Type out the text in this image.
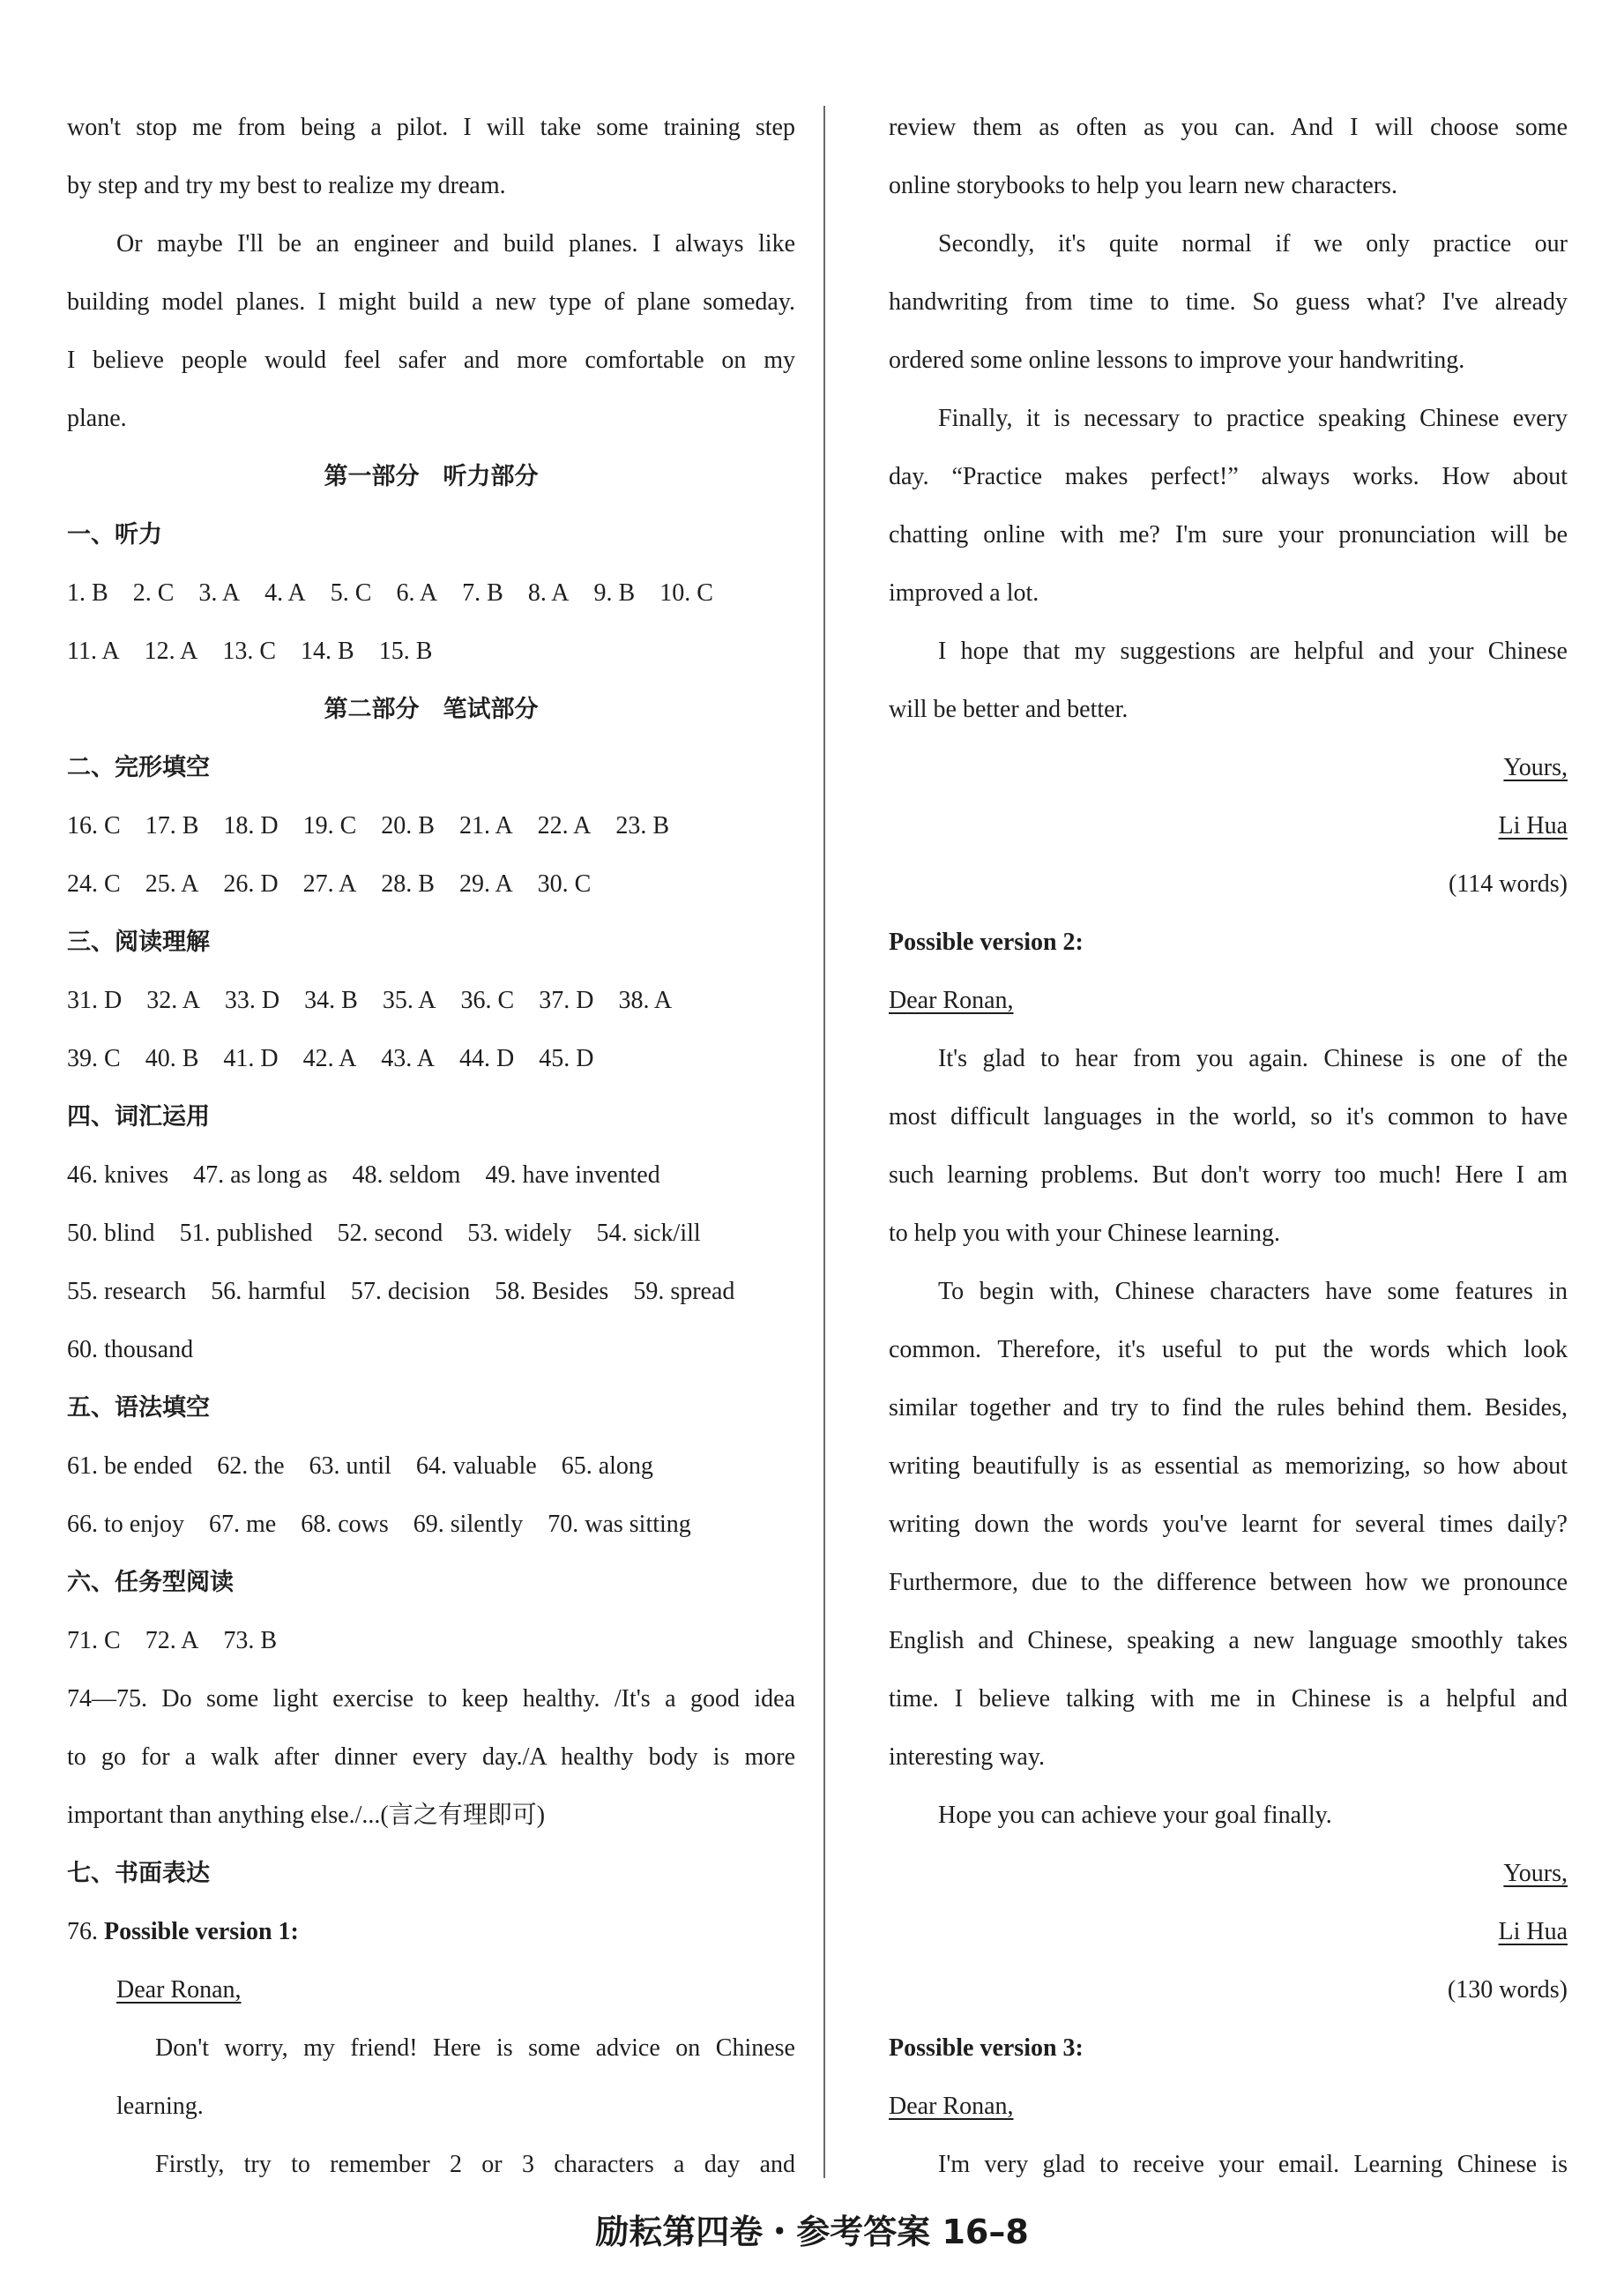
won't stop me from being a pilot. I will take some training step
by step and try my best to realize my dream.
Or maybe I'll be an engineer and build planes. I always like
building model planes. I might build a new type of plane someday.
I believe people would feel safer and more comfortable on my
plane.
第一部分　听力部分
一、听力
1. B 2. C 3. A 4. A 5. C 6. A 7. B 8. A 9. B 10. C
11. A 12. A 13. C 14. B 15. B
第二部分　笔试部分
二、完形填空
16. C 17. B 18. D 19. C 20. B 21. A 22. A 23. B
24. C 25. A 26. D 27. A 28. B 29. A 30. C
三、阅读理解
31. D 32. A 33. D 34. B 35. A 36. C 37. D 38. A
39. C 40. B 41. D 42. A 43. A 44. D 45. D
四、词汇运用
46. knives 47. as long as 48. seldom 49. have invented
50. blind 51. published 52. second 53. widely 54. sick/ill
55. research 56. harmful 57. decision 58. Besides 59. spread
60. thousand
五、语法填空
61. be ended 62. the 63. until 64. valuable 65. along
66. to enjoy 67. me 68. cows 69. silently 70. was sitting
六、任务型阅读
71. C 72. A 73. B
74—75. Do some light exercise to keep healthy. /It's a good idea
to go for a walk after dinner every day./A healthy body is more
important than anything else./...(言之有理即可)
七、书面表达
76. Possible version 1:
Dear Ronan,
Don't worry, my friend! Here is some advice on Chinese
learning.
Firstly, try to remember 2 or 3 characters a day and
review them as often as you can. And I will choose some
online storybooks to help you learn new characters.
Secondly, it's quite normal if we only practice our
handwriting from time to time. So guess what? I've already
ordered some online lessons to improve your handwriting.
Finally, it is necessary to practice speaking Chinese every
day. “Practice makes perfect!” always works. How about
chatting online with me? I'm sure your pronunciation will be
improved a lot.
I hope that my suggestions are helpful and your Chinese
will be better and better.
Yours,
Li Hua
(114 words)
Possible version 2:
Dear Ronan,
It's glad to hear from you again. Chinese is one of the
most difficult languages in the world, so it's common to have
such learning problems. But don't worry too much! Here I am
to help you with your Chinese learning.
To begin with, Chinese characters have some features in
common. Therefore, it's useful to put the words which look
similar together and try to find the rules behind them. Besides,
writing beautifully is as essential as memorizing, so how about
writing down the words you've learnt for several times daily?
Furthermore, due to the difference between how we pronounce
English and Chinese, speaking a new language smoothly takes
time. I believe talking with me in Chinese is a helpful and
interesting way.
Hope you can achieve your goal finally.
Yours,
Li Hua
(130 words)
Possible version 3:
Dear Ronan,
I'm very glad to receive your email. Learning Chinese is
励耘第四卷・参考答案 16–8
